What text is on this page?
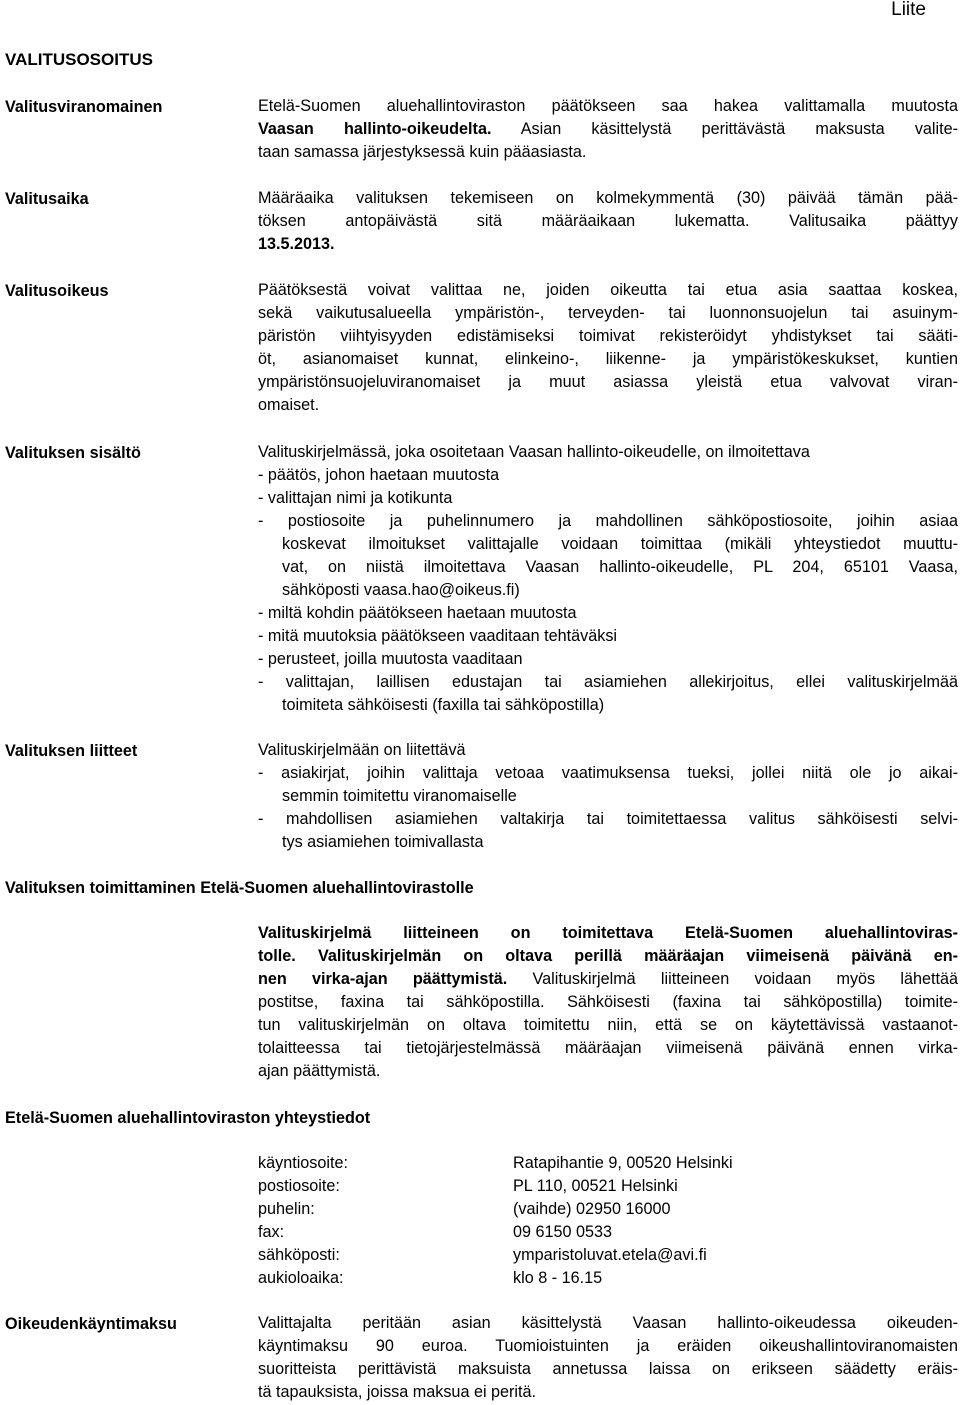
Liite
VALITUSOSOITUS
Valitusviranomainen	Etelä-Suomen aluehallintoviraston päätökseen saa hakea valittamalla muutosta
Vaasan hallinto-oikeudelta. Asian käsittelystä perittävästä maksusta valite-
taan samassa järjestyksessä kuin pääasiasta.
Valitusaika	Määräaika valituksen tekemiseen on kolmekymmentä (30) päivää tämän pää-
töksen antopäivästä sitä määräaikaan lukematta. Valitusaika päättyy
13.5.2013.
Valitusoikeus	Päätöksestä voivat valittaa ne, joiden oikeutta tai etua asia saattaa koskea,
sekä vaikutusalueella ympäristön-, terveyden- tai luonnonsuojelun tai asuinym-
päristön viihtyisyyden edistämiseksi toimivat rekisteröidyt yhdistykset tai sääti-
öt, asianomaiset kunnat, elinkeino-, liikenne- ja ympäristökeskukset, kuntien
ympäristönsuojeluviranomaiset ja muut asiassa yleistä etua valvovat viran-
omaiset.
Valituksen sisältö	Valituskirjelmässä, joka osoitetaan Vaasan hallinto-oikeudelle, on ilmoitettava
- päätös, johon haetaan muutosta
- valittajan nimi ja kotikunta
- postiosoite ja puhelinnumero ja mahdollinen sähköpostiosoite, joihin asiaa
koskevat ilmoitukset valittajalle voidaan toimittaa (mikäli yhteystiedot muuttu-
vat, on niistä ilmoitettava Vaasan hallinto-oikeudelle, PL 204, 65101 Vaasa,
sähköposti vaasa.hao@oikeus.fi)
- miltä kohdin päätökseen haetaan muutosta
- mitä muutoksia päätökseen vaaditaan tehtäväksi
- perusteet, joilla muutosta vaaditaan
- valittajan, laillisen edustajan tai asiamiehen allekirjoitus, ellei valituskirjelmää
toimiteta sähköisesti (faxilla tai sähköpostilla)
Valituksen liitteet	Valituskirjelmään on liitettävä
- asiakirjat, joihin valittaja vetoaa vaatimuksensa tueksi, jollei niitä ole jo aikai-
semmin toimitettu viranomaiselle
- mahdollisen asiamiehen valtakirja tai toimitettaessa valitus sähköisesti selvi-
tys asiamiehen toimivallasta
Valituksen toimittaminen Etelä-Suomen aluehallintovirastolle
Valituskirjelmä liitteineen on toimitettava Etelä-Suomen aluehallintoviras-
tolle. Valituskirjelmän on oltava perillä määräajan viimeisenä päivänä en-
nen virka-ajan päättymistä. Valituskirjelmä liitteineen voidaan myös lähettää
postitse, faxina tai sähköpostilla. Sähköisesti (faxina tai sähköpostilla) toimite-
tun valituskirjelmän on oltava toimitettu niin, että se on käytettävissä vastaanot-
tolaitteessa tai tietojärjestelmässä määräajan viimeisenä päivänä ennen virka-
ajan päättymistä.
Etelä-Suomen aluehallintoviraston yhteystiedot
käyntiosoite:	Ratapihantie 9, 00520 Helsinki
postiosoite:	PL 110, 00521 Helsinki
puhelin:	(vaihde) 02950 16000
fax:	09 6150 0533
sähköposti:	ymparistoluvat.etela@avi.fi
aukioloaika:	klo 8 - 16.15
Oikeudenkäyntimaksu	Valittajalta peritään asian käsittelystä Vaasan hallinto-oikeudessa oikeuden-
käyntimaksu 90 euroa. Tuomioistuinten ja eräiden oikeushallintoviranomaisten
suoritteista perittävistä maksuista annetussa laissa on erikseen säädetty eräis-
tä tapauksista, joissa maksua ei peritä.
